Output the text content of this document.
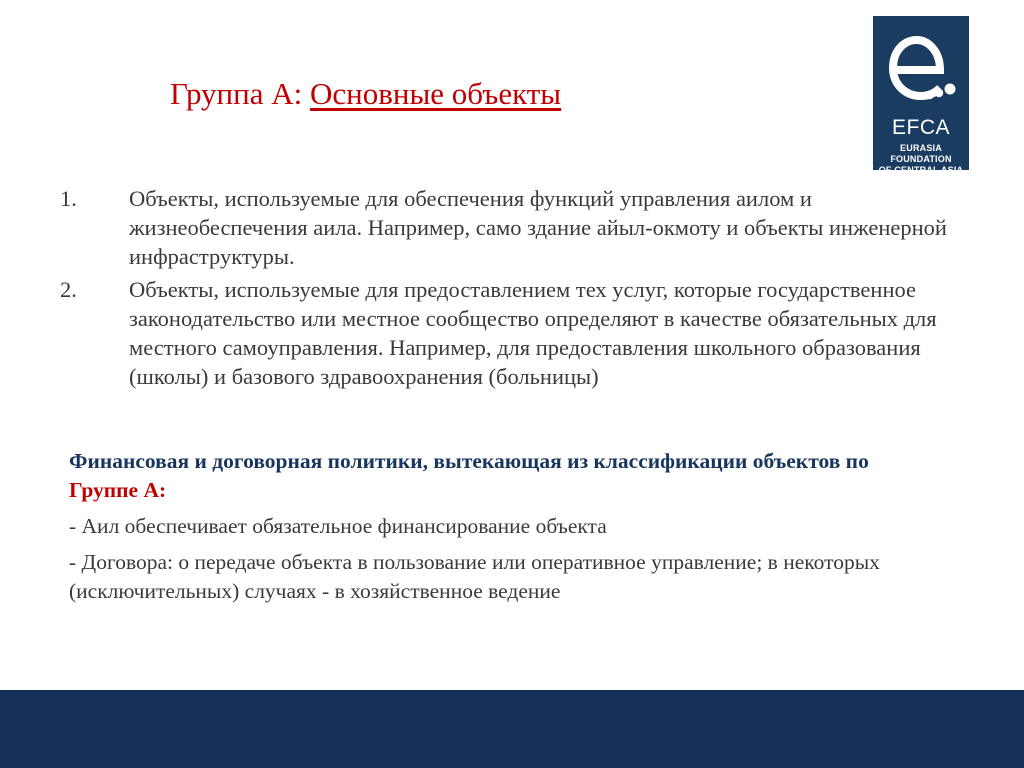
Группа А: Основные объекты
EFCA
EURASIA FOUNDATION
OF CENTRAL ASIA
1.	Объекты, используемые для обеспечения функций управления аилом и жизнеобеспечения аила. Например, само здание айыл-окмоту и объекты инженерной инфраструктуры.
2.	Объекты, используемые для предоставлением тех услуг, которые государственное законодательство или местное сообщество определяют в качестве обязательных для местного самоуправления. Например, для предоставления школьного образования (школы) и базового здравоохранения (больницы)
Финансовая и договорная политики, вытекающая из классификации объектов по Группе А:
- Аил обеспечивает обязательное финансирование объекта
- Договора: о передаче объекта в пользование или оперативное управление; в некоторых (исключительных) случаях - в хозяйственное ведение
